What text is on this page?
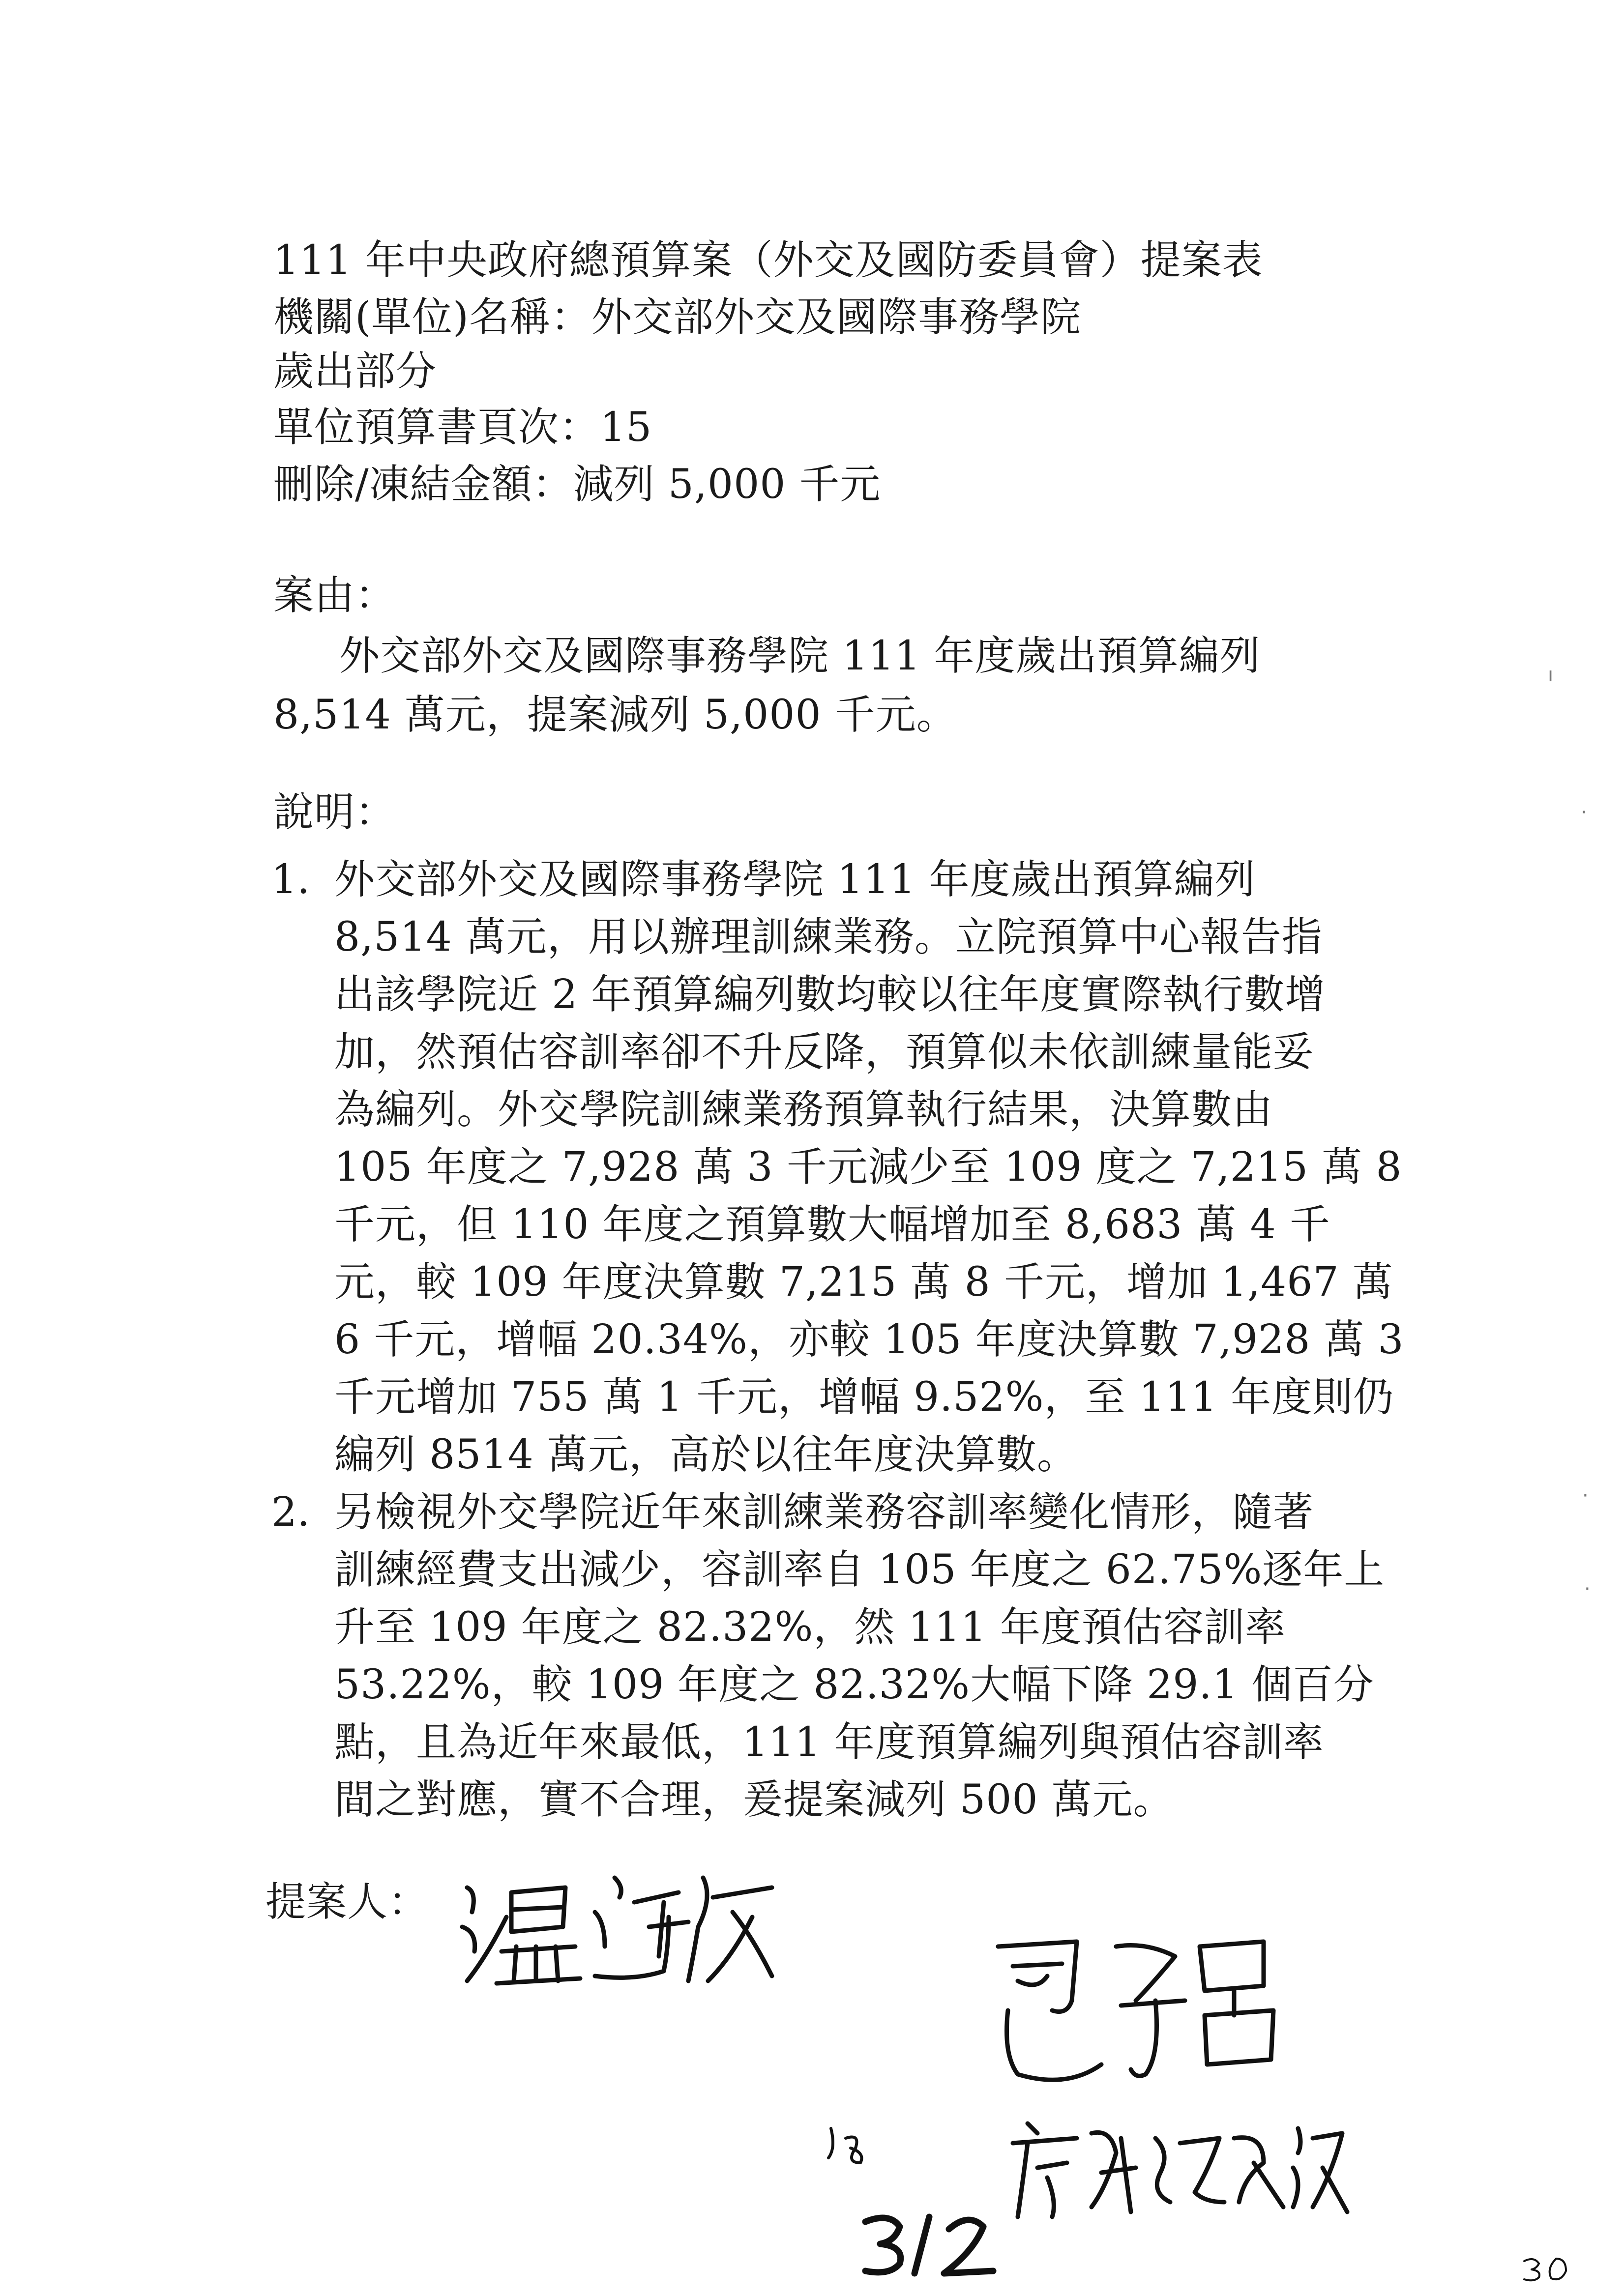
111 年中央政府總預算案（外交及國防委員會）提案表
機關(單位)名稱：外交部外交及國際事務學院
歲出部分
單位預算書頁次：15
刪除/凍結金額：減列 5,000 千元
案由：
外交部外交及國際事務學院 111 年度歲出預算編列
8,514 萬元，提案減列 5,000 千元。
說明：
1. 外交部外交及國際事務學院 111 年度歲出預算編列
8,514 萬元，用以辦理訓練業務。立院預算中心報告指
出該學院近 2 年預算編列數均較以往年度實際執行數增
加，然預估容訓率卻不升反降，預算似未依訓練量能妥
為編列。外交學院訓練業務預算執行結果，決算數由
105 年度之 7,928 萬 3 千元減少至 109 度之 7,215 萬 8
千元，但 110 年度之預算數大幅增加至 8,683 萬 4 千
元，較 109 年度決算數 7,215 萬 8 千元，增加 1,467 萬
6 千元，增幅 20.34%，亦較 105 年度決算數 7,928 萬 3
千元增加 755 萬 1 千元，增幅 9.52%，至 111 年度則仍
編列 8514 萬元，高於以往年度決算數。
2. 另檢視外交學院近年來訓練業務容訓率變化情形，隨著
訓練經費支出減少，容訓率自 105 年度之 62.75%逐年上
升至 109 年度之 82.32%，然 111 年度預估容訓率
53.22%，較 109 年度之 82.32%大幅下降 29.1 個百分
點，且為近年來最低，111 年度預算編列與預估容訓率
間之對應，實不合理，爰提案減列 500 萬元。
提案人：
ı
·
·
·
